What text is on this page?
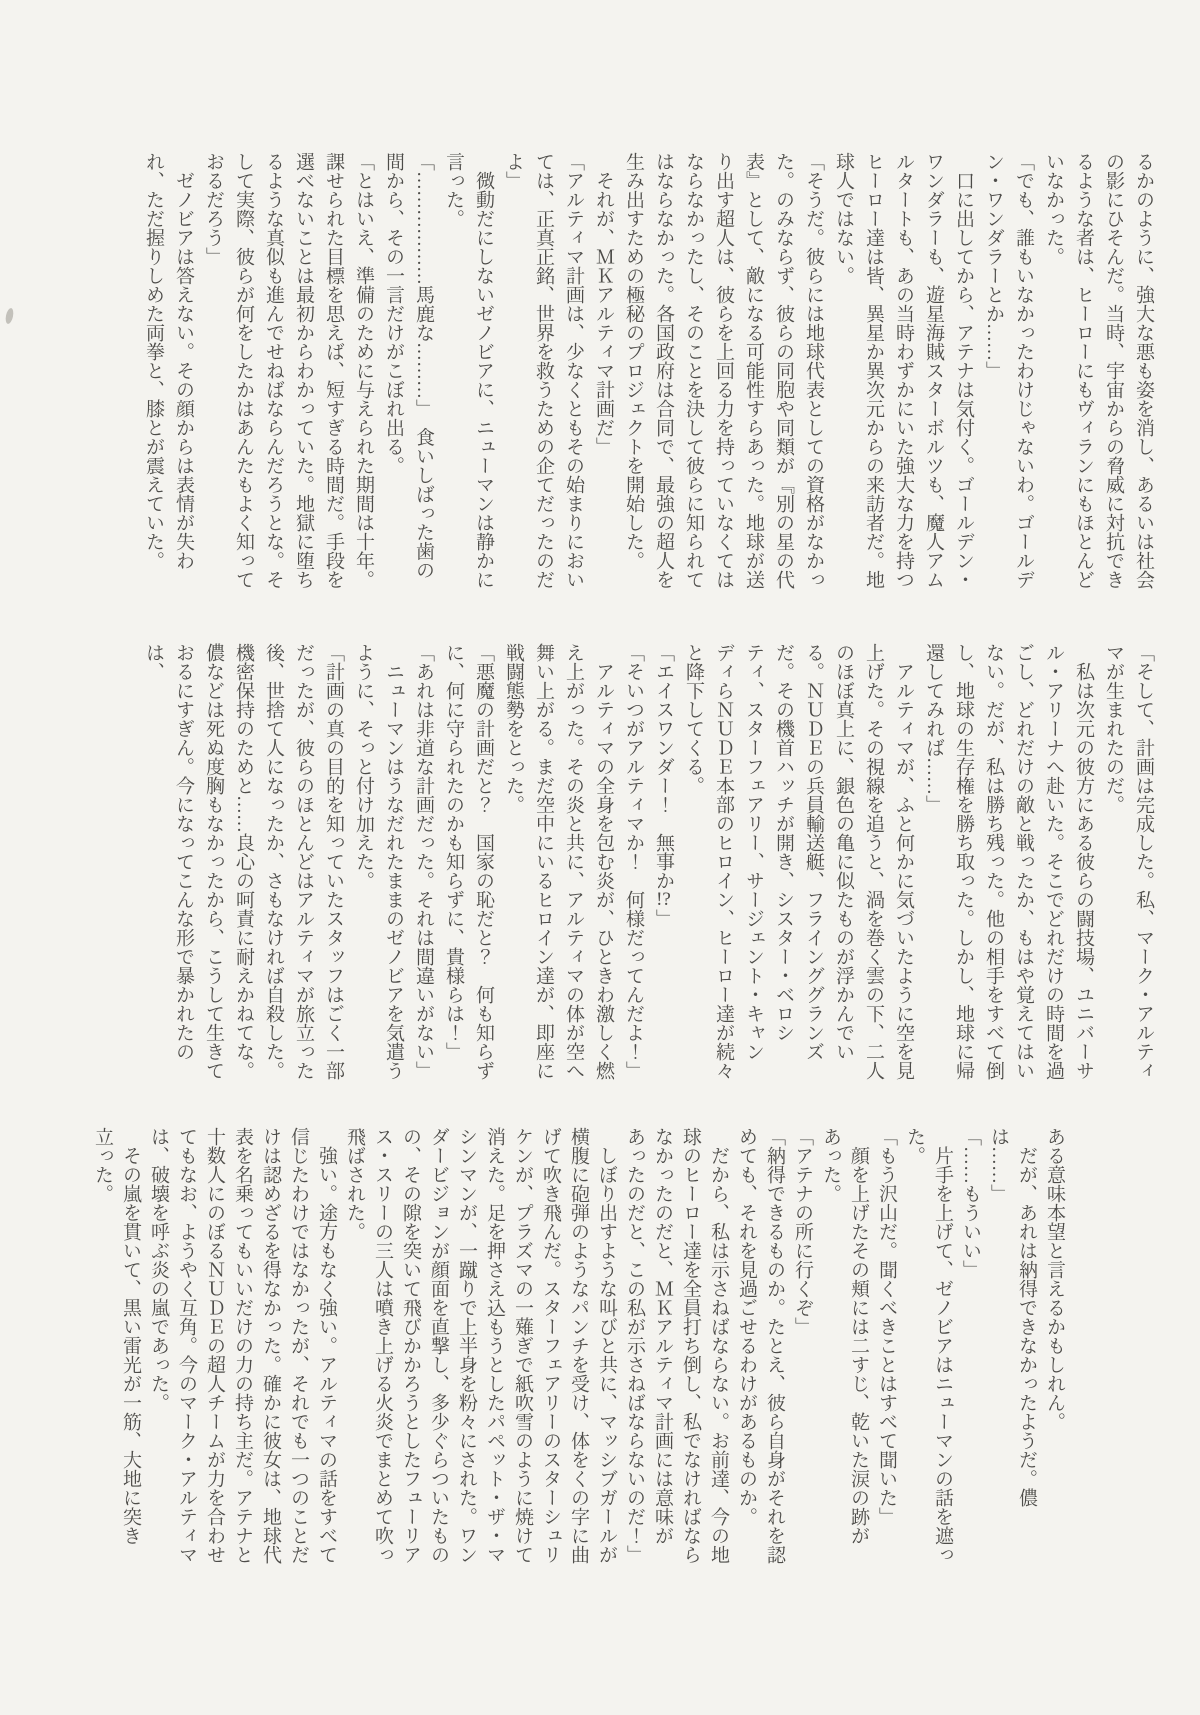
るかのように、強大な悪も姿を消し、あるいは社会の影にひそんだ。当時、宇宙からの脅威に対抗できるような者は、ヒーローにもヴィランにもほとんどいなかった。

「でも、誰もいなかったわけじゃないわ。ゴールデン・ワンダラーとか……」

口に出してから、アテナは気付く。ゴールデン・ワンダラーも、遊星海賊スターボルツも、魔人アムルタートも、あの当時わずかにいた強大な力を持つヒーロー達は皆、異星か異次元からの来訪者だ。地球人ではない。

「そうだ。彼らには地球代表としての資格がなかった。のみならず、彼らの同胞や同類が『別の星の代表』として、敵になる可能性すらあった。地球が送り出す超人は、彼らを上回る力を持っていなくてはならなかったし、そのことを決して彼らに知られてはならなかった。各国政府は合同で、最強の超人を生み出すための極秘のプロジェクトを開始した。

それが、ＭＫアルティマ計画だ」

「アルティマ計画は、少なくともその始まりにおいては、正真正銘、世界を救うための企てだったのだよ」

微動だにしないゼノビアに、ニューマンは静かに言った。

「………………馬鹿な………」　食いしばった歯の間から、その一言だけがこぼれ出る。

「とはいえ、準備のために与えられた期間は十年。課せられた目標を思えば、短すぎる時間だ。手段を選べないことは最初からわかっていた。地獄に堕ちるような真似も進んでせねばならんだろうとな。そして実際、彼らが何をしたかはあんたもよく知っておるだろう」

ゼノビアは答えない。その顔からは表情が失われ、ただ握りしめた両拳と、膝とが震えていた。

「そして、計画は完成した。私、マーク・アルティマが生まれたのだ。

私は次元の彼方にある彼らの闘技場、ユニバーサル・アリーナへ赴いた。そこでどれだけの時間を過ごし、どれだけの敵と戦ったか、もはや覚えてはいない。だが、私は勝ち残った。他の相手をすべて倒し、地球の生存権を勝ち取った。しかし、地球に帰還してみれば……」

アルティマが、ふと何かに気づいたように空を見上げた。その視線を追うと、渦を巻く雲の下、二人のほぼ真上に、銀色の亀に似たものが浮かんでいる。ＮＵＤＥの兵員輸送艇、フラインググランズだ。その機首ハッチが開き、シスター・ベロシティ、スターフェアリー、サージェント・キャンディらＮＵＤＥ本部のヒロイン、ヒーロー達が続々と降下してくる。

「エイスワンダー！　無事か!?」

「そいつがアルティマか！　何様だってんだよ！」

アルティマの全身を包む炎が、ひときわ激しく燃え上がった。その炎と共に、アルティマの体が空へ舞い上がる。まだ空中にいるヒロイン達が、即座に戦闘態勢をとった。

「悪魔の計画だと？　国家の恥だと？　何も知らずに、何に守られたのかも知らずに、貴様らは！」

「あれは非道な計画だった。それは間違いがない」

ニューマンはうなだれたままのゼノビアを気遣うように、そっと付け加えた。

「計画の真の目的を知っていたスタッフはごく一部だったが、彼らのほとんどはアルティマが旅立った後、世捨て人になったか、さもなければ自殺した。機密保持のためと……良心の呵責に耐えかねてな。儂などは死ぬ度胸もなかったから、こうして生きておるにすぎん。今になってこんな形で暴かれたのは、

ある意味本望と言えるかもしれん。

だが、あれは納得できなかったようだ。儂は……」

「……もういい」

片手を上げて、ゼノビアはニューマンの話を遮った。

「もう沢山だ。聞くべきことはすべて聞いた」

顔を上げたその頬には二すじ、乾いた涙の跡があった。

「アテナの所に行くぞ」

「納得できるものか。たとえ、彼ら自身がそれを認めても、それを見過ごせるわけがあるものか。

だから、私は示さねばならない。お前達、今の地球のヒーロー達を全員打ち倒し、私でなければならなかったのだと、ＭＫアルティマ計画には意味があったのだと、この私が示さねばならないのだ！」

しぼり出すような叫びと共に、マッシブガールが横腹に砲弾のようなパンチを受け、体をくの字に曲げて吹き飛んだ。スターフェアリーのスターシュリケンが、プラズマの一薙ぎで紙吹雪のように焼けて消えた。足を押さえ込もうとしたパペット・ザ・マシンマンが、一蹴りで上半身を粉々にされた。ワンダービジョンが顔面を直撃し、多少ぐらついたものの、その隙を突いて飛びかかろうとしたフューリアス・スリーの三人は噴き上げる火炎でまとめて吹っ飛ばされた。

強い。途方もなく強い。アルティマの話をすべて信じたわけではなかったが、それでも一つのことだけは認めざるを得なかった。確かに彼女は、地球代表を名乗ってもいいだけの力の持ち主だ。アテナと十数人にのぼるＮＵＤＥの超人チームが力を合わせてもなお、ようやく互角。今のマーク・アルティマは、破壊を呼ぶ炎の嵐であった。

その嵐を貫いて、黒い雷光が一筋、大地に突き立った。
